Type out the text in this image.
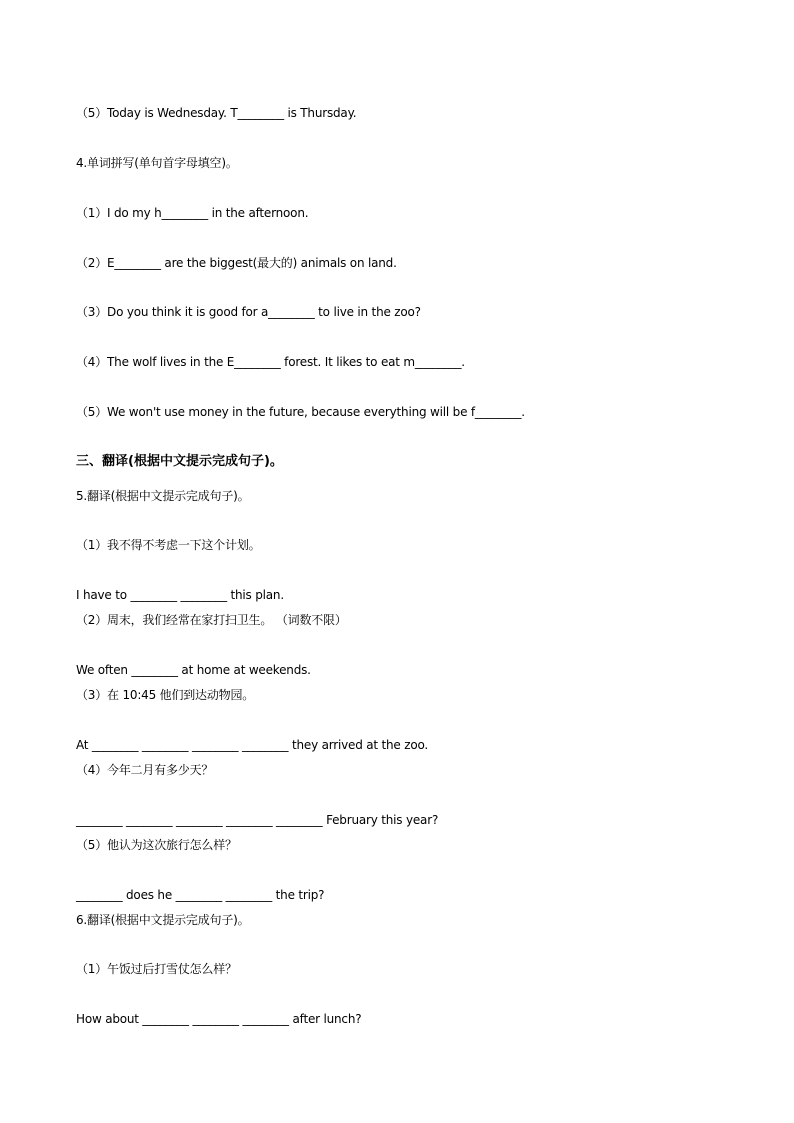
（5）Today is Wednesday. T________ is Thursday.
4.单词拼写(单句首字母填空)。
（1）I do my h________ in the afternoon.
（2）E________ are the biggest(最大的) animals on land.
（3）Do you think it is good for a________ to live in the zoo?
（4）The wolf lives in the E________ forest. It likes to eat m________.
（5）We won't use money in the future, because everything will be f________.
三、翻译(根据中文提示完成句子)。
5.翻译(根据中文提示完成句子)。
（1）我不得不考虑一下这个计划。
I have to ________ ________ this plan.
（2）周末，我们经常在家打扫卫生。 （词数不限）
We often ________ at home at weekends.
（3）在 10:45 他们到达动物园。
At ________ ________ ________ ________ they arrived at the zoo.
（4）今年二月有多少天？
________ ________ ________ ________ ________ February this year?
（5）他认为这次旅行怎么样？
________ does he ________ ________ the trip?
6.翻译(根据中文提示完成句子)。
（1）午饭过后打雪仗怎么样？
How about ________ ________ ________ after lunch?
